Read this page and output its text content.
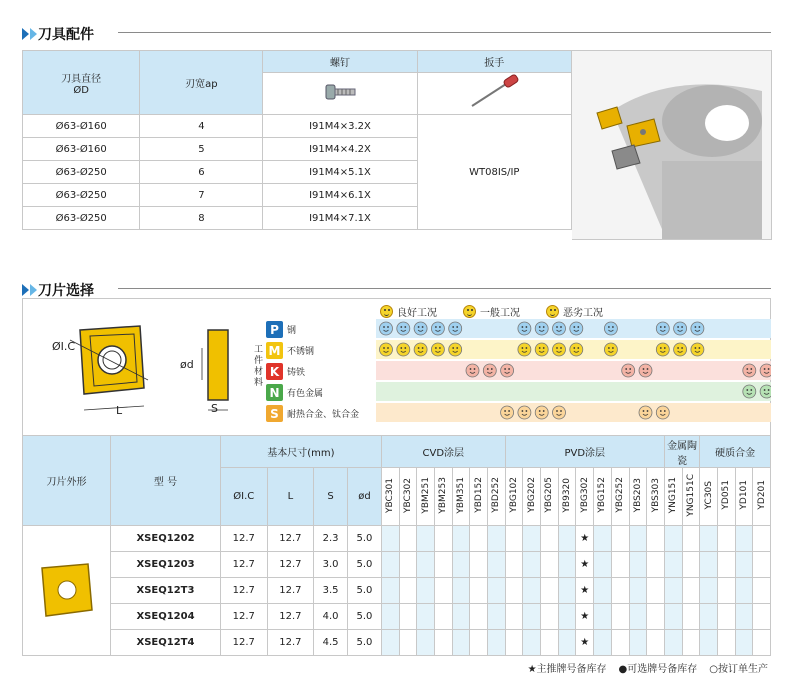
刀具配件
刀具直径
ØD	刃宽ap	螺钉	扳手	

Ø63-Ø160	4	I91M4×3.2X	WT08IS/IP	
Ø63-Ø160	5	I91M4×4.2X		
Ø63-Ø250	6	I91M4×5.1X		
Ø63-Ø250	7	I91M4×6.1X		
Ø63-Ø250	8	I91M4×7.1X		
刀片选择
ØI.C
L
ød
S
良好工况	一般工况	恶劣工况
工件材料
P 钢
M 不锈钢
K 铸铁
N 有色金属
S 耐热合金、钛合金
刀片外形	型 号	基本尺寸(mm)				CVD涂层							PVD涂层									金属陶瓷		硬质合金			
		ØI.C	L	S	ød	YBC301	YBC302	YBM251	YBM253	YBM351	YBD152	YBD252	YBG102	YBG202	YBG205	YB9320	YBG302	YBG152	YBG252	YBS203	YBS303	YNG151	YNG151C	YC30S	YD051	YD101	YD201
	XSEQ1202	12.7	12.7	2.3	5.0												★										
	XSEQ1203	12.7	12.7	3.0	5.0												★										
	XSEQ12T3	12.7	12.7	3.5	5.0												★										
	XSEQ1204	12.7	12.7	4.0	5.0												★										
	XSEQ12T4	12.7	12.7	4.5	5.0												★										
★主推牌号备库存 ●可选牌号备库存 ○按订单生产
